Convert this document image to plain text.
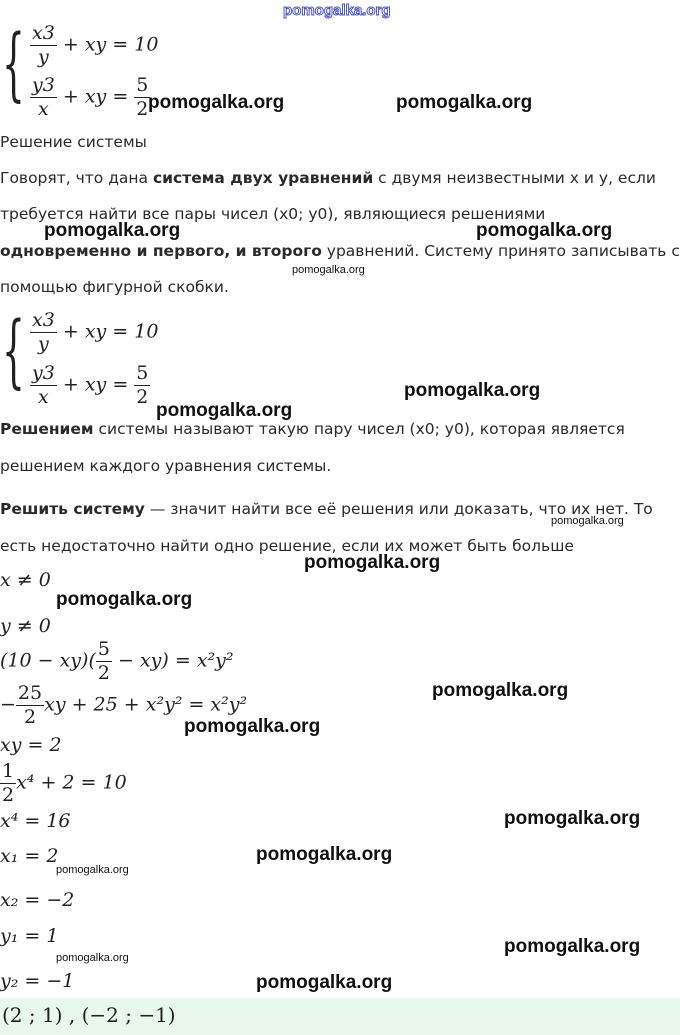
pomogalka.org
{ $\frac{x3}{y}$ + xy = 10
$\frac{y3}{x}$ + xy = $\frac{5}{2}$
pomogalka.org	pomogalka.org
Решение системы
Говорят, что дана система двух уравнений с двумя неизвестными x и y, если
требуется найти все пары чисел (x0; y0), являющиеся решениями
одновременно и первого, и второго уравнений. Систему принято записывать с
помощью фигурной скобки.
pomogalka.org	pomogalka.org
pomogalka.org
{ $\frac{x3}{y}$ + xy = 10
$\frac{y3}{x}$ + xy = $\frac{5}{2}$	pomogalka.org
pomogalka.org
Решением системы называют такую пару чисел (x0; y0), которая является
решением каждого уравнения системы.
Решить систему — значит найти все её решения или доказать, что их нет. То
есть недостаточно найти одно решение, если их может быть больше
pomogalka.org
pomogalka.org
x ≠ 0
pomogalka.org
y ≠ 0
$(10 - xy)( \frac{5}{2} - xy) = x^2y^2$
− $\frac{25}{2}$ xy + 25 + x²y² = x²y²
pomogalka.org
pomogalka.org
xy = 2
$\frac{1}{2} x^4 + 2 = 10$
x⁴ = 16	pomogalka.org
x₁ = 2	pomogalka.org
pomogalka.org
x₂ = −2
y₁ = 1	pomogalka.org
pomogalka.org
y₂ = −1	pomogalka.org
(2 ; 1) , (−2 ; −1)
